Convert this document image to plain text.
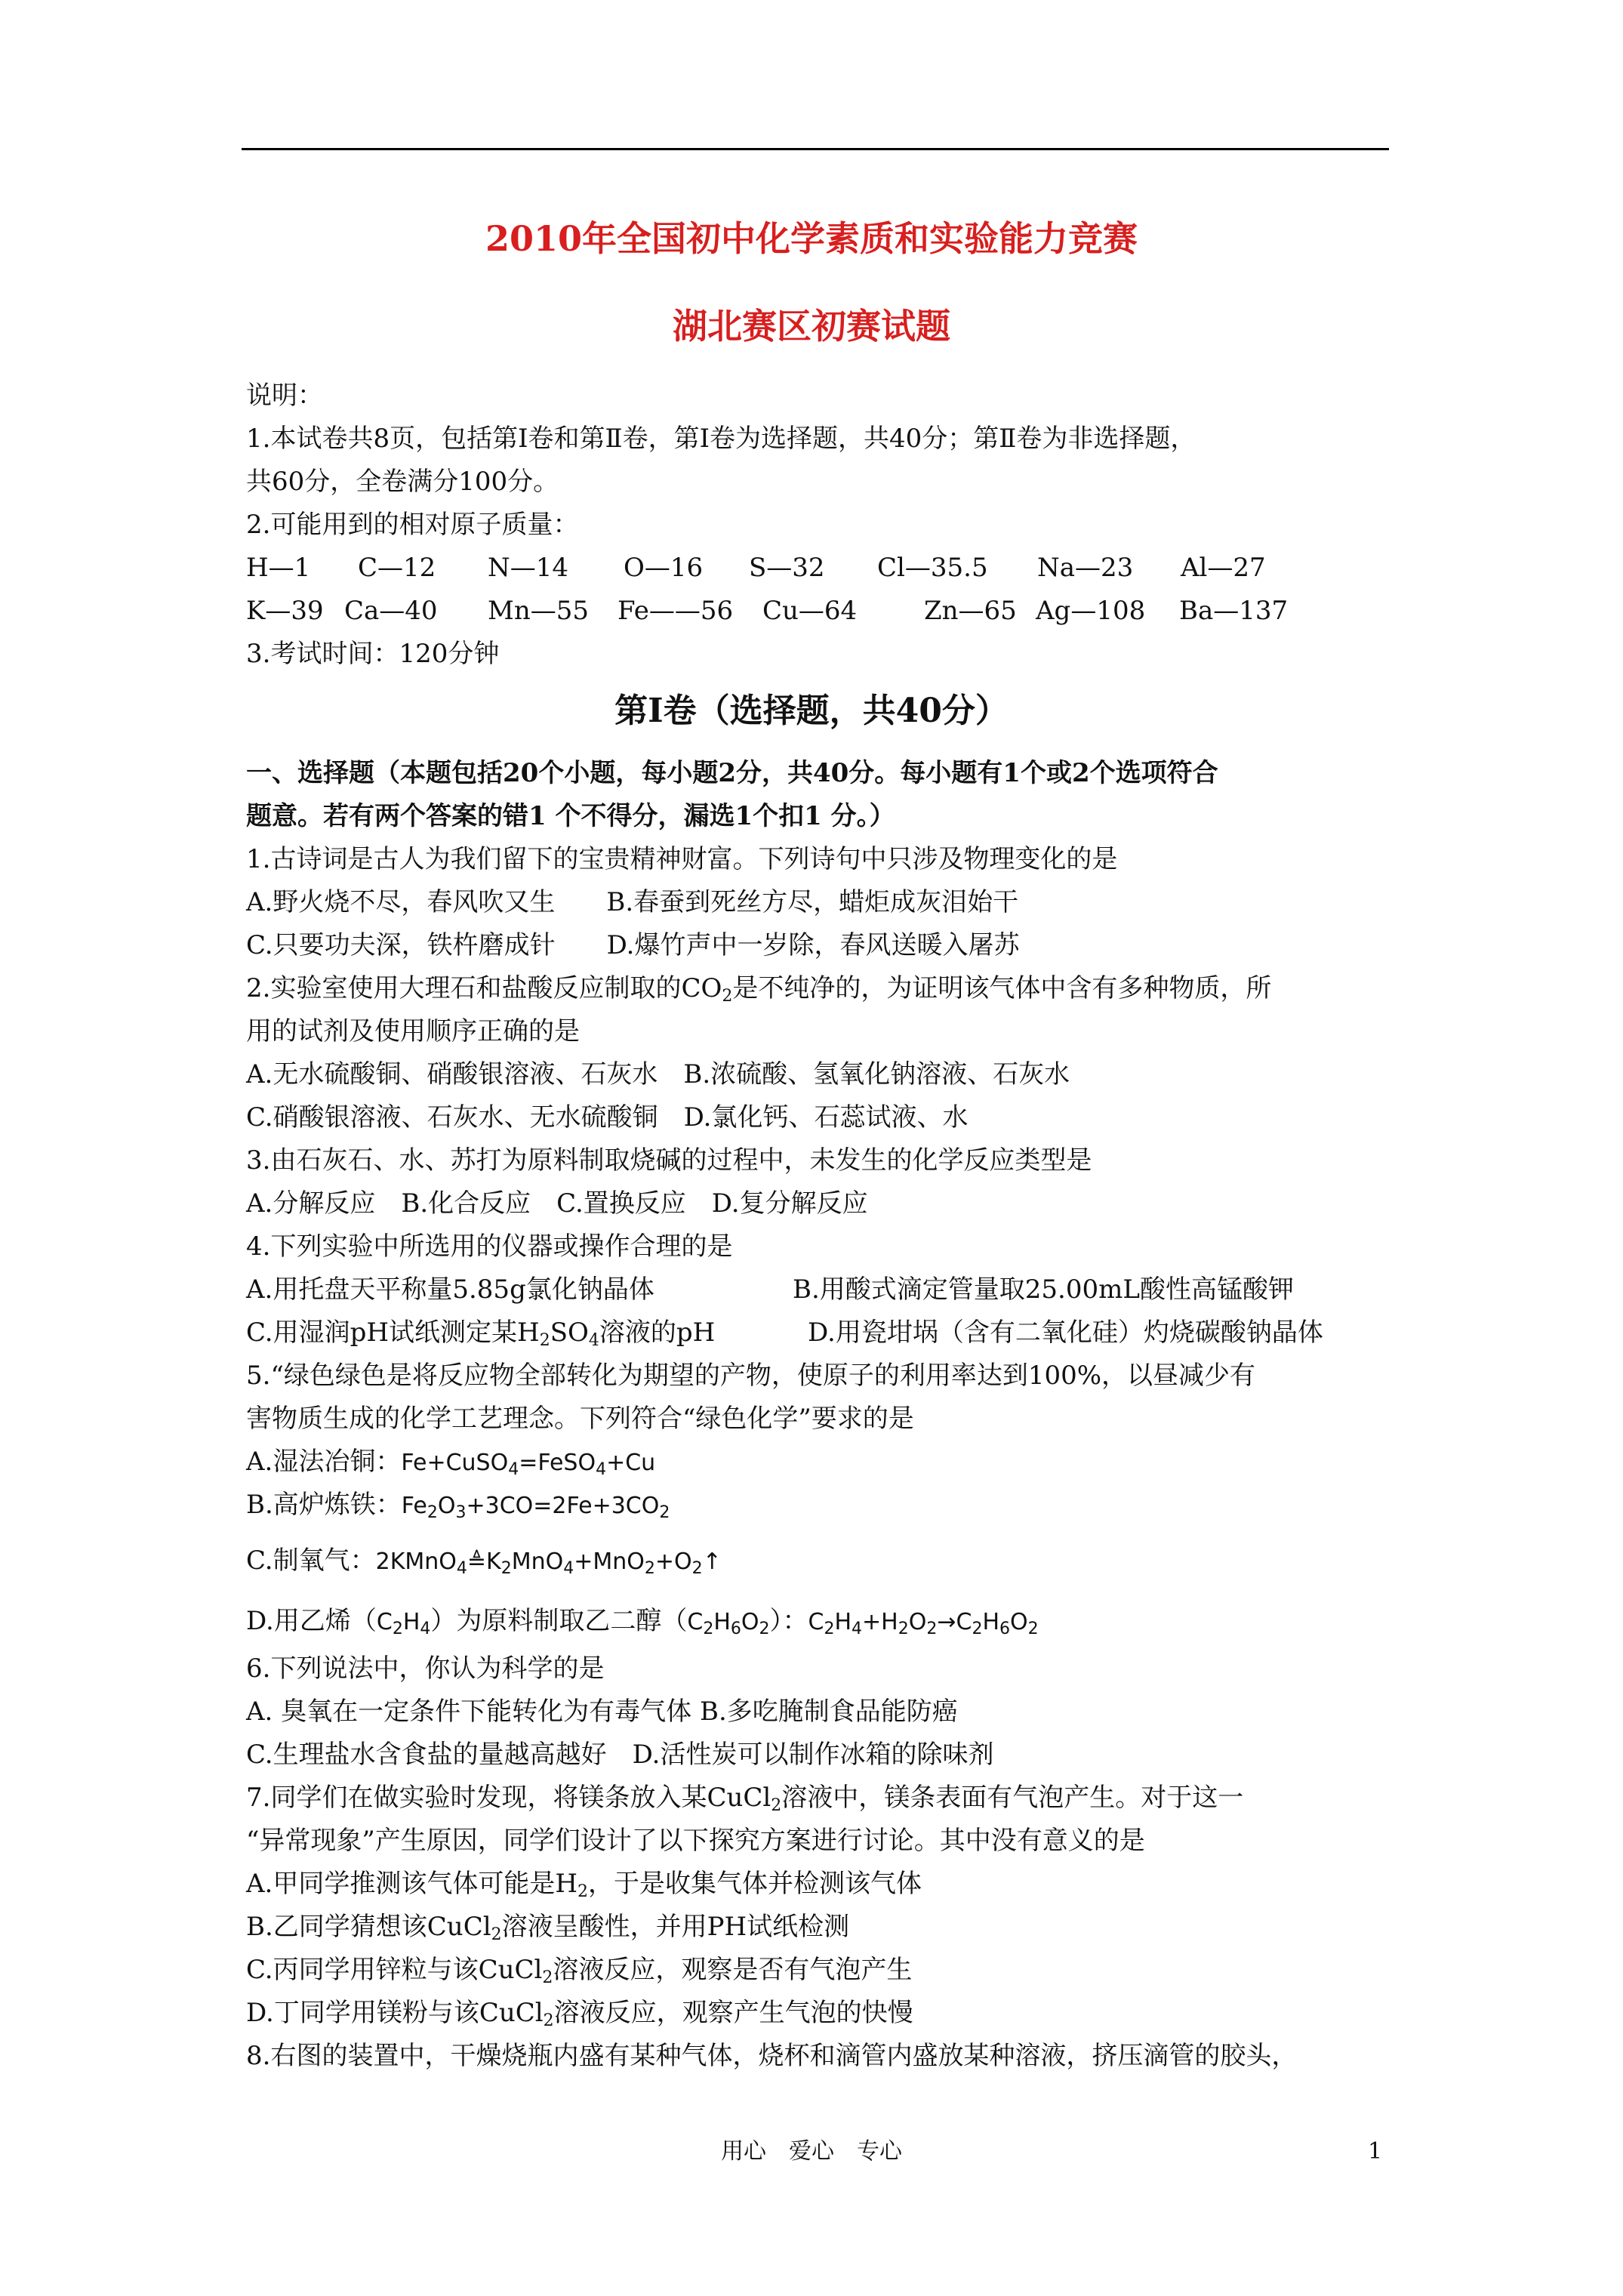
2010年全国初中化学素质和实验能力竞赛
湖北赛区初赛试题
说明：
1.本试卷共8页，包括第Ⅰ卷和第Ⅱ卷，第Ⅰ卷为选择题，共40分；第Ⅱ卷为非选择题，
共60分，全卷满分100分。
2.可能用到的相对原子质量：
H—1	C—12	N—14	O—16	S—32	Cl—35.5	Na—23	Al—27
K—39 Ca—40	Mn—55	Fe——56	Cu—64	Zn—65 Ag—108	Ba—137
3.考试时间：120分钟
第Ⅰ卷（选择题，共40分）
一、选择题（本题包括20个小题，每小题2分，共40分。每小题有1个或2个选项符合
题意。若有两个答案的错1 个不得分，漏选1个扣1 分。）
1.古诗词是古人为我们留下的宝贵精神财富。下列诗句中只涉及物理变化的是
A.野火烧不尽，春风吹又生　　B.春蚕到死丝方尽，蜡炬成灰泪始干
C.只要功夫深，铁杵磨成针　　D.爆竹声中一岁除，春风送暖入屠苏
2.实验室使用大理石和盐酸反应制取的$CO_2$是不纯净的，为证明该气体中含有多种物质，所
用的试剂及使用顺序正确的是
A.无水硫酸铜、硝酸银溶液、石灰水　B.浓硫酸、氢氧化钠溶液、石灰水
C.硝酸银溶液、石灰水、无水硫酸铜　D.氯化钙、石蕊试液、水
3.由石灰石、水、苏打为原料制取烧碱的过程中，未发生的化学反应类型是
A.分解反应　B.化合反应　C.置换反应　D.复分解反应
4.下列实验中所选用的仪器或操作合理的是
A.用托盘天平称量5.85g氯化钠晶体	B.用酸式滴定管量取25.00mL酸性高锰酸钾
C.用湿润pH试纸测定某$H_2SO_4$溶液的pH	D.用瓷坩埚（含有二氧化硅）灼烧碳酸钠晶体
5.“绿色绿色是将反应物全部转化为期望的产物，使原子的利用率达到100%，以昼减少有
害物质生成的化学工艺理念。下列符合“绿色化学”要求的是
A.湿法冶铜：Fe+CuSO$_4$=FeSO$_4$+Cu
B.高炉炼铁：$Fe_2O_3+3CO=2Fe+3CO_2$
C.制氧气：$2KMnO_4≜K_2MnO_4+MnO_2+O_2↑$
D.用乙烯$(C_2H_4)$为原料制取乙二醇$(C_2H_6O_2)$：$C_2H_4+H_2O_2\to C_2H_6O_2$
6.下列说法中，你认为科学的是
A. 臭氧在一定条件下能转化为有毒气体 B.多吃腌制食品能防癌
C.生理盐水含食盐的量越高越好　D.活性炭可以制作冰箱的除味剂
7.同学们在做实验时发现，将镁条放入某CuCl$_2$溶液中，镁条表面有气泡产生。对于这一
“异常现象”产生原因，同学们设计了以下探究方案进行讨论。其中没有意义的是
A.甲同学推测该气体可能是$H_2$，于是收集气体并检测该气体
B.乙同学猜想该CuCl$_2$溶液呈酸性，并用PH试纸检测
C.丙同学用锌粒与该CuCl$_2$溶液反应，观察是否有气泡产生
D.丁同学用镁粉与该CuCl$_2$溶液反应，观察产生气泡的快慢
8.右图的装置中，干燥烧瓶内盛有某种气体，烧杯和滴管内盛放某种溶液，挤压滴管的胶头，
用心　爱心　专心	1
